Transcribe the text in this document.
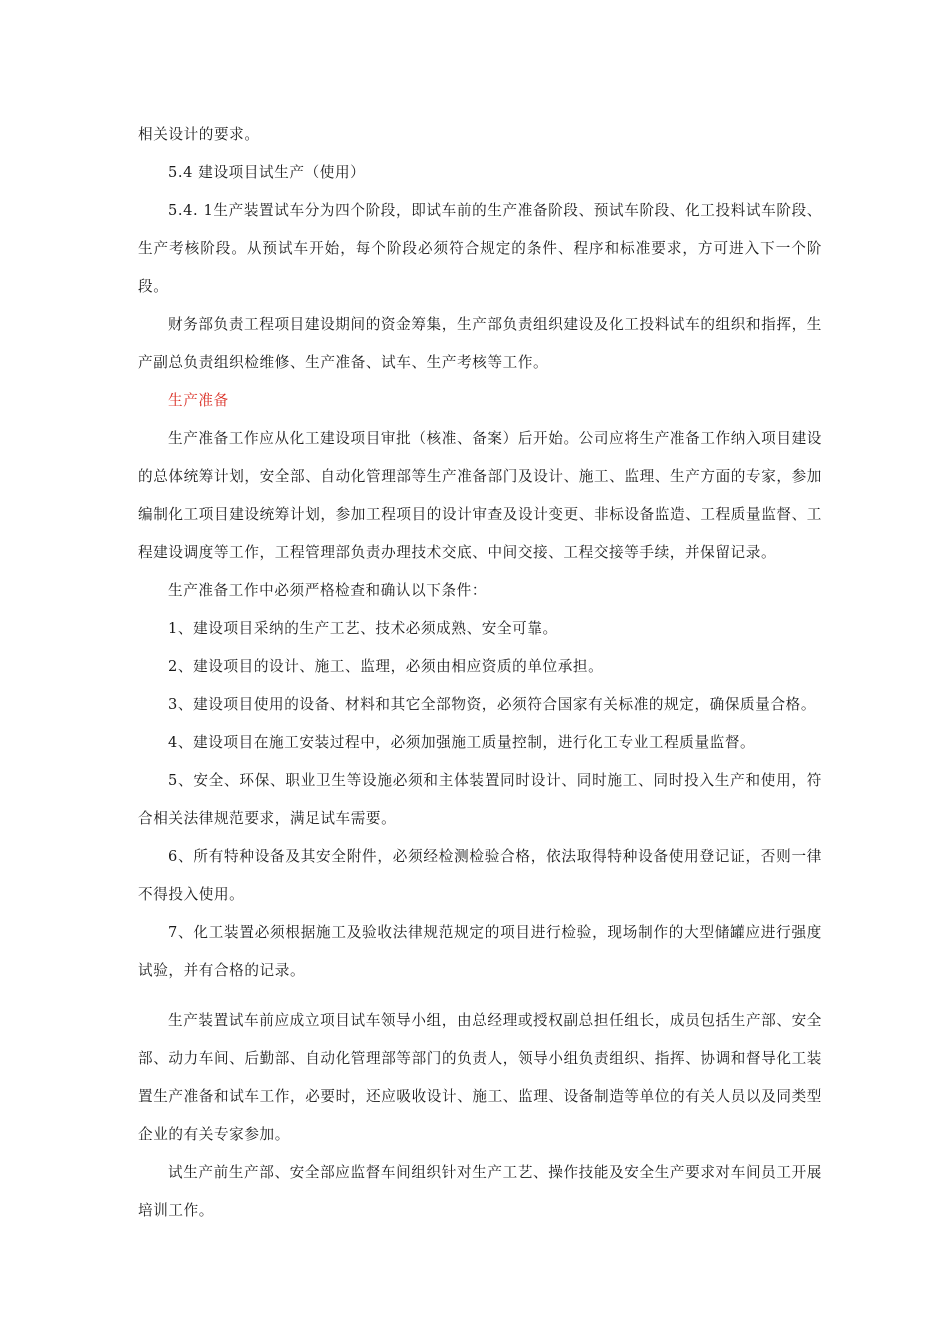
相关设计的要求。

5.4 建设项目试生产（使用）

5.4. 1生产装置试车分为四个阶段，即试车前的生产准备阶段、预试车阶段、化工投料试车阶段、生产考核阶段。从预试车开始，每个阶段必须符合规定的条件、程序和标准要求，方可进入下一个阶段。

财务部负责工程项目建设期间的资金筹集，生产部负责组织建设及化工投料试车的组织和指挥，生产副总负责组织检维修、生产准备、试车、生产考核等工作。

生产准备

生产准备工作应从化工建设项目审批（核准、备案）后开始。公司应将生产准备工作纳入项目建设的总体统筹计划，安全部、自动化管理部等生产准备部门及设计、施工、监理、生产方面的专家，参加编制化工项目建设统筹计划，参加工程项目的设计审查及设计变更、非标设备监造、工程质量监督、工程建设调度等工作，工程管理部负责办理技术交底、中间交接、工程交接等手续，并保留记录。

生产准备工作中必须严格检查和确认以下条件：

1、建设项目采纳的生产工艺、技术必须成熟、安全可靠。

2、建设项目的设计、施工、监理，必须由相应资质的单位承担。

3、建设项目使用的设备、材料和其它全部物资，必须符合国家有关标准的规定，确保质量合格。

4、建设项目在施工安装过程中，必须加强施工质量控制，进行化工专业工程质量监督。

5、安全、环保、职业卫生等设施必须和主体装置同时设计、同时施工、同时投入生产和使用，符合相关法律规范要求，满足试车需要。

6、所有特种设备及其安全附件，必须经检测检验合格，依法取得特种设备使用登记证，否则一律不得投入使用。

7、化工装置必须根据施工及验收法律规范规定的项目进行检验，现场制作的大型储罐应进行强度试验，并有合格的记录。

生产装置试车前应成立项目试车领导小组，由总经理或授权副总担任组长，成员包括生产部、安全部、动力车间、后勤部、自动化管理部等部门的负责人，领导小组负责组织、指挥、协调和督导化工装置生产准备和试车工作，必要时，还应吸收设计、施工、监理、设备制造等单位的有关人员以及同类型企业的有关专家参加。

试生产前生产部、安全部应监督车间组织针对生产工艺、操作技能及安全生产要求对车间员工开展培训工作。
